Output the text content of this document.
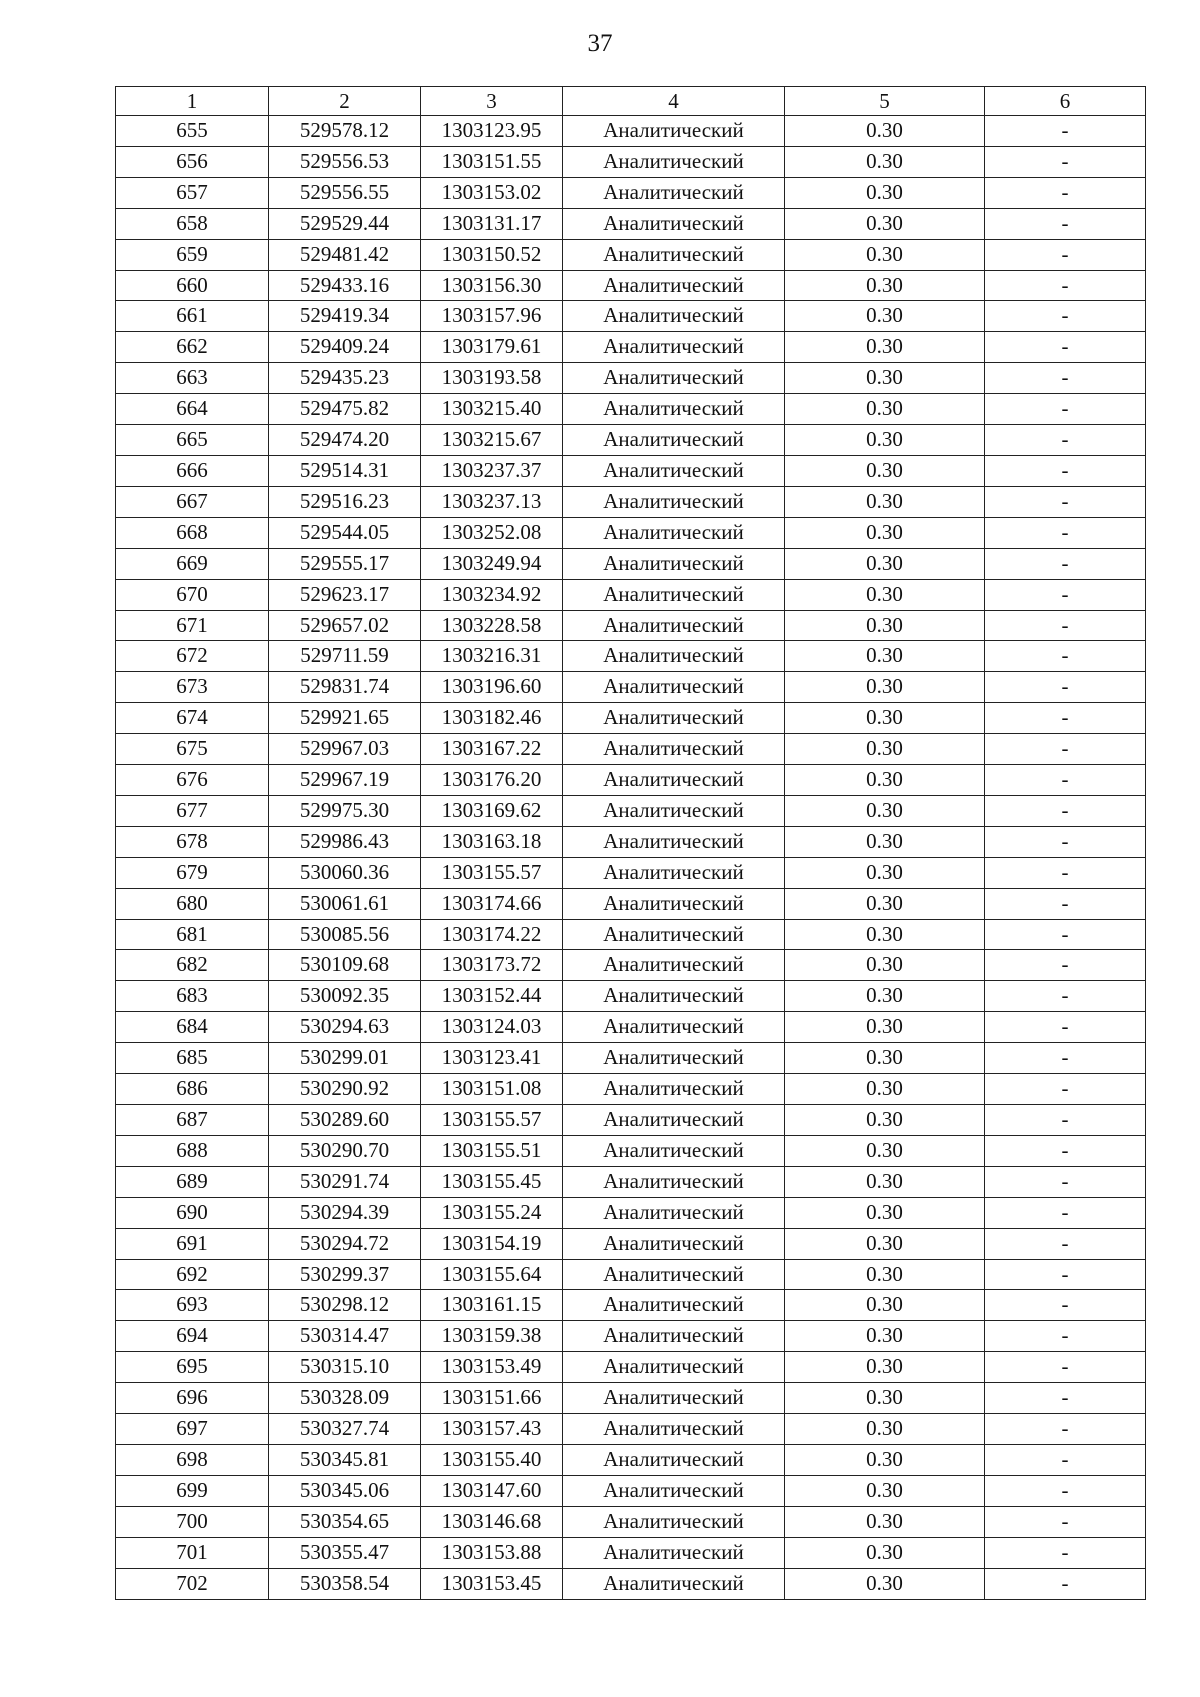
37
1	2	3	4	5	6
655	529578.12	1303123.95	Аналитический	0.30	-
656	529556.53	1303151.55	Аналитический	0.30	-
657	529556.55	1303153.02	Аналитический	0.30	-
658	529529.44	1303131.17	Аналитический	0.30	-
659	529481.42	1303150.52	Аналитический	0.30	-
660	529433.16	1303156.30	Аналитический	0.30	-
661	529419.34	1303157.96	Аналитический	0.30	-
662	529409.24	1303179.61	Аналитический	0.30	-
663	529435.23	1303193.58	Аналитический	0.30	-
664	529475.82	1303215.40	Аналитический	0.30	-
665	529474.20	1303215.67	Аналитический	0.30	-
666	529514.31	1303237.37	Аналитический	0.30	-
667	529516.23	1303237.13	Аналитический	0.30	-
668	529544.05	1303252.08	Аналитический	0.30	-
669	529555.17	1303249.94	Аналитический	0.30	-
670	529623.17	1303234.92	Аналитический	0.30	-
671	529657.02	1303228.58	Аналитический	0.30	-
672	529711.59	1303216.31	Аналитический	0.30	-
673	529831.74	1303196.60	Аналитический	0.30	-
674	529921.65	1303182.46	Аналитический	0.30	-
675	529967.03	1303167.22	Аналитический	0.30	-
676	529967.19	1303176.20	Аналитический	0.30	-
677	529975.30	1303169.62	Аналитический	0.30	-
678	529986.43	1303163.18	Аналитический	0.30	-
679	530060.36	1303155.57	Аналитический	0.30	-
680	530061.61	1303174.66	Аналитический	0.30	-
681	530085.56	1303174.22	Аналитический	0.30	-
682	530109.68	1303173.72	Аналитический	0.30	-
683	530092.35	1303152.44	Аналитический	0.30	-
684	530294.63	1303124.03	Аналитический	0.30	-
685	530299.01	1303123.41	Аналитический	0.30	-
686	530290.92	1303151.08	Аналитический	0.30	-
687	530289.60	1303155.57	Аналитический	0.30	-
688	530290.70	1303155.51	Аналитический	0.30	-
689	530291.74	1303155.45	Аналитический	0.30	-
690	530294.39	1303155.24	Аналитический	0.30	-
691	530294.72	1303154.19	Аналитический	0.30	-
692	530299.37	1303155.64	Аналитический	0.30	-
693	530298.12	1303161.15	Аналитический	0.30	-
694	530314.47	1303159.38	Аналитический	0.30	-
695	530315.10	1303153.49	Аналитический	0.30	-
696	530328.09	1303151.66	Аналитический	0.30	-
697	530327.74	1303157.43	Аналитический	0.30	-
698	530345.81	1303155.40	Аналитический	0.30	-
699	530345.06	1303147.60	Аналитический	0.30	-
700	530354.65	1303146.68	Аналитический	0.30	-
701	530355.47	1303153.88	Аналитический	0.30	-
702	530358.54	1303153.45	Аналитический	0.30	-
